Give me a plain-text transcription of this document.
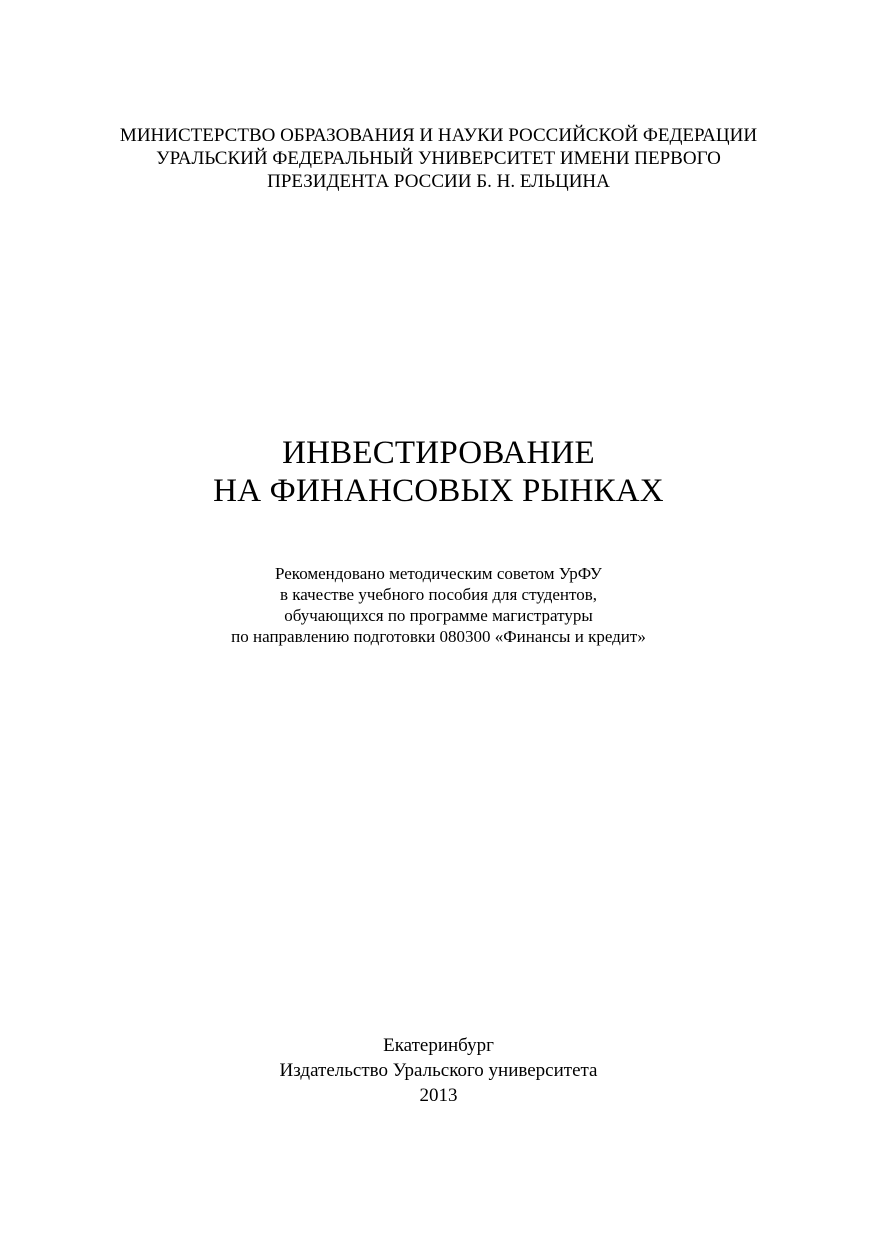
МИНИСТЕРСТВО ОБРАЗОВАНИЯ И НАУКИ РОССИЙСКОЙ ФЕДЕРАЦИИ
УРАЛЬСКИЙ ФЕДЕРАЛЬНЫЙ УНИВЕРСИТЕТ ИМЕНИ ПЕРВОГО
ПРЕЗИДЕНТА РОССИИ Б. Н. ЕЛЬЦИНА
ИНВЕСТИРОВАНИЕ
НА ФИНАНСОВЫХ РЫНКАХ
Рекомендовано методическим советом УрФУ
в качестве учебного пособия для студентов,
обучающихся по программе магистратуры
по направлению подготовки 080300 «Финансы и кредит»
Екатеринбург
Издательство Уральского университета
2013
